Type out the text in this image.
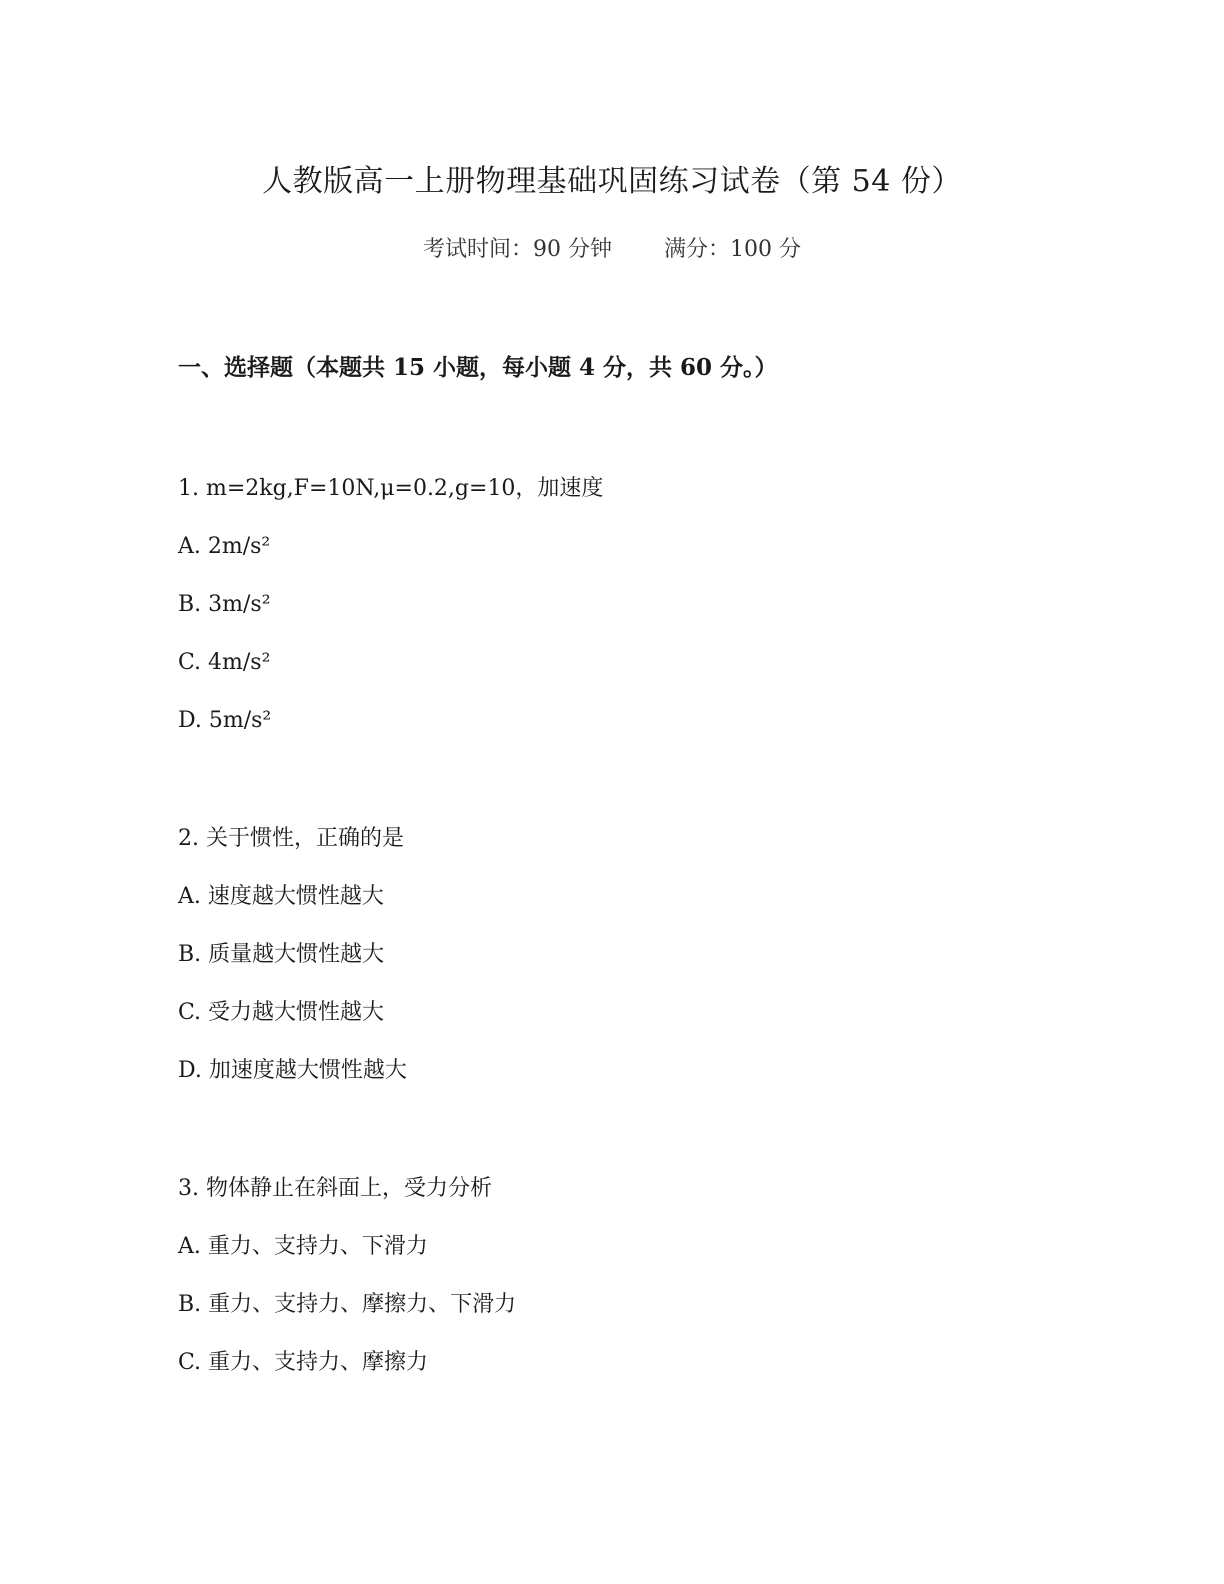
人教版高一上册物理基础巩固练习试卷（第 54 份）
考试时间：90 分钟 满分：100 分
一、选择题（本题共 15 小题，每小题 4 分，共 60 分。）
1. m=2kg,F=10N,μ=0.2,g=10，加速度
A. 2m/s²
B. 3m/s²
C. 4m/s²
D. 5m/s²
2. 关于惯性，正确的是
A. 速度越大惯性越大
B. 质量越大惯性越大
C. 受力越大惯性越大
D. 加速度越大惯性越大
3. 物体静止在斜面上，受力分析
A. 重力、支持力、下滑力
B. 重力、支持力、摩擦力、下滑力
C. 重力、支持力、摩擦力
